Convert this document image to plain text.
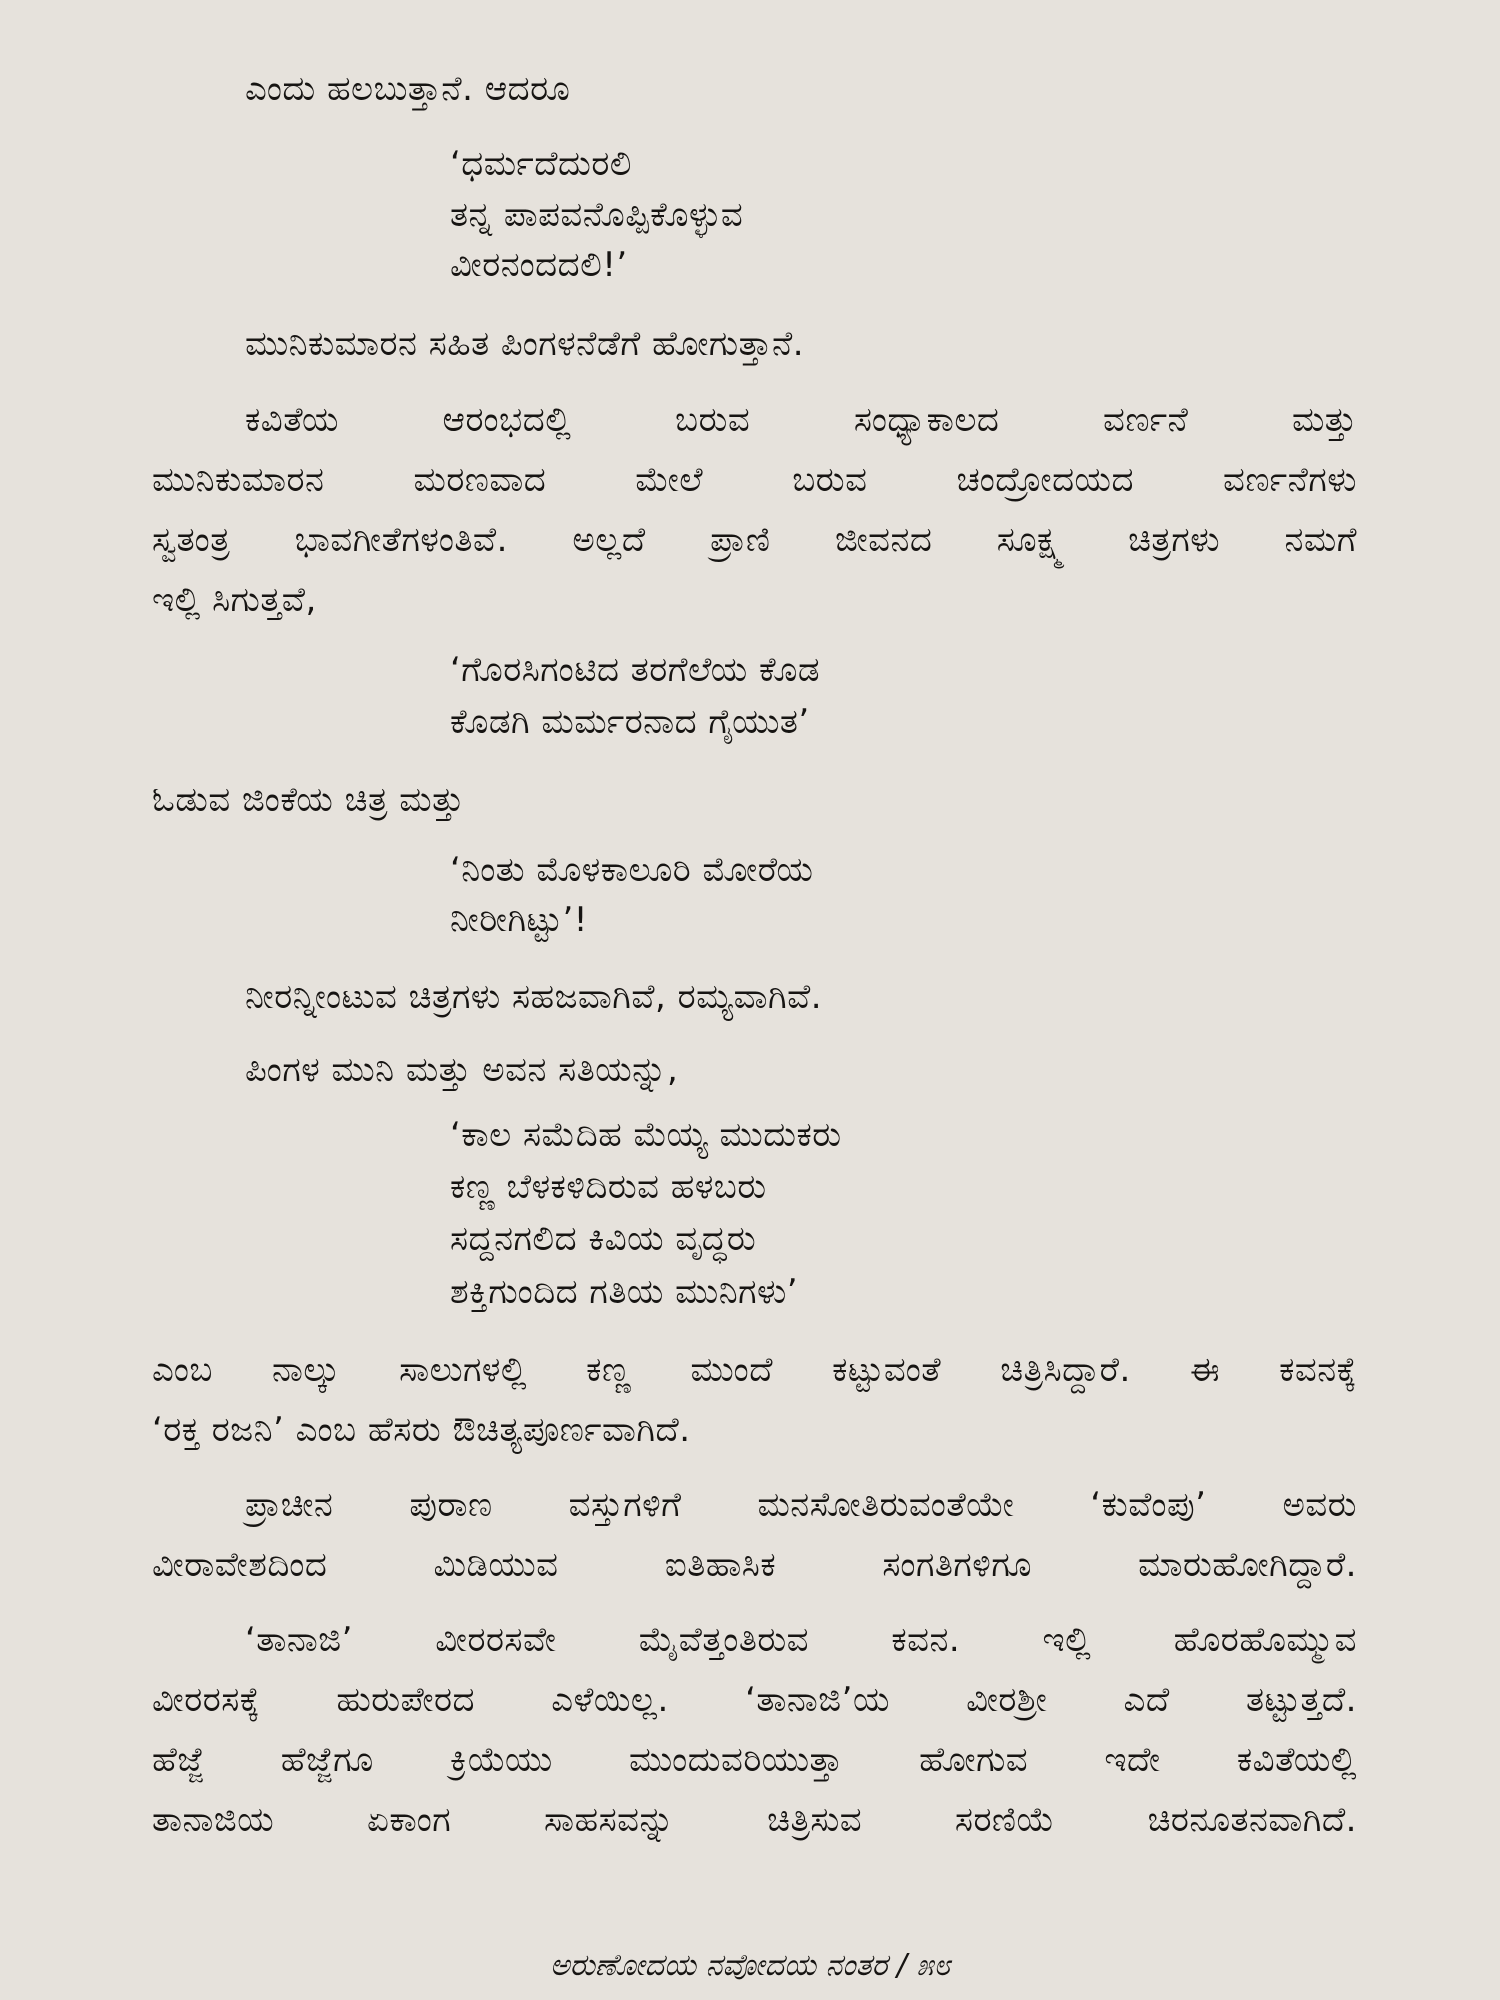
ಎಂದು ಹಲಬುತ್ತಾನೆ. ಆದರೂ
‘ಧರ್ಮದೆದುರಲಿ
ತನ್ನ ಪಾಪವನೊಪ್ಪಿಕೊಳ್ಳುವ
ವೀರನಂದದಲಿ!’
ಮುನಿಕುಮಾರನ ಸಹಿತ ಪಿಂಗಳನೆಡೆಗೆ ಹೋಗುತ್ತಾನೆ.
ಕವಿತೆಯ ಆರಂಭದಲ್ಲಿ ಬರುವ ಸಂಧ್ಯಾಕಾಲದ ವರ್ಣನೆ ಮತ್ತು
ಮುನಿಕುಮಾರನ ಮರಣವಾದ ಮೇಲೆ ಬರುವ ಚಂದ್ರೋದಯದ ವರ್ಣನೆಗಳು
ಸ್ವತಂತ್ರ ಭಾವಗೀತೆಗಳಂತಿವೆ. ಅಲ್ಲದೆ ಪ್ರಾಣಿ ಜೀವನದ ಸೂಕ್ಷ್ಮ ಚಿತ್ರಗಳು ನಮಗೆ
ಇಲ್ಲಿ ಸಿಗುತ್ತವೆ,
‘ಗೊರಸಿಗಂಟಿದ ತರಗೆಲೆಯ ಕೊಡ
ಕೊಡಗಿ ಮರ್ಮರನಾದ ಗೈಯುತ’
ಓಡುವ ಜಿಂಕೆಯ ಚಿತ್ರ ಮತ್ತು
‘ನಿಂತು ಮೊಳಕಾಲೂರಿ ಮೋರೆಯ
ನೀರೀಗಿಟ್ಟು’!
ನೀರನ್ನೀಂಟುವ ಚಿತ್ರಗಳು ಸಹಜವಾಗಿವೆ, ರಮ್ಯವಾಗಿವೆ.
ಪಿಂಗಳ ಮುನಿ ಮತ್ತು ಅವನ ಸತಿಯನ್ನು,
‘ಕಾಲ ಸಮೆದಿಹ ಮೆಯ್ಯ ಮುದುಕರು
ಕಣ್ಣ ಬೆಳಕಳಿದಿರುವ ಹಳಬರು
ಸದ್ದನಗಲಿದ ಕಿವಿಯ ವೃದ್ಧರು
ಶಕ್ತಿಗುಂದಿದ ಗತಿಯ ಮುನಿಗಳು’
ಎಂಬ ನಾಲ್ಕು ಸಾಲುಗಳಲ್ಲಿ ಕಣ್ಣ ಮುಂದೆ ಕಟ್ಟುವಂತೆ ಚಿತ್ರಿಸಿದ್ದಾರೆ. ಈ ಕವನಕ್ಕೆ
‘ರಕ್ತ ರಜನಿ’ ಎಂಬ ಹೆಸರು ಔಚಿತ್ಯಪೂರ್ಣವಾಗಿದೆ.
ಪ್ರಾಚೀನ ಪುರಾಣ ವಸ್ತುಗಳಿಗೆ ಮನಸೋತಿರುವಂತೆಯೇ ‘ಕುವೆಂಪು’ ಅವರು
ವೀರಾವೇಶದಿಂದ ಮಿಡಿಯುವ ಐತಿಹಾಸಿಕ ಸಂಗತಿಗಳಿಗೂ ಮಾರುಹೋಗಿದ್ದಾರೆ.
‘ತಾನಾಜಿ’ ವೀರರಸವೇ ಮೈವೆತ್ತಂತಿರುವ ಕವನ. ಇಲ್ಲಿ ಹೊರಹೊಮ್ಮುವ
ವೀರರಸಕ್ಕೆ ಹುರುಪೇರದ ಎಳೆಯಿಲ್ಲ. ‘ತಾನಾಜಿ’ಯ ವೀರಶ್ರೀ ಎದೆ ತಟ್ಟುತ್ತದೆ.
ಹೆಜ್ಜೆ ಹೆಜ್ಜೆಗೂ ಕ್ರಿಯೆಯು ಮುಂದುವರಿಯುತ್ತಾ ಹೋಗುವ ಇದೇ ಕವಿತೆಯಲ್ಲಿ
ತಾನಾಜಿಯ ಏಕಾಂಗ ಸಾಹಸವನ್ನು ಚಿತ್ರಿಸುವ ಸರಣಿಯೆ ಚಿರನೂತನವಾಗಿದೆ.
ಅರುಣೋದಯ ನವೋದಯ ನಂತರ / ೫೮
